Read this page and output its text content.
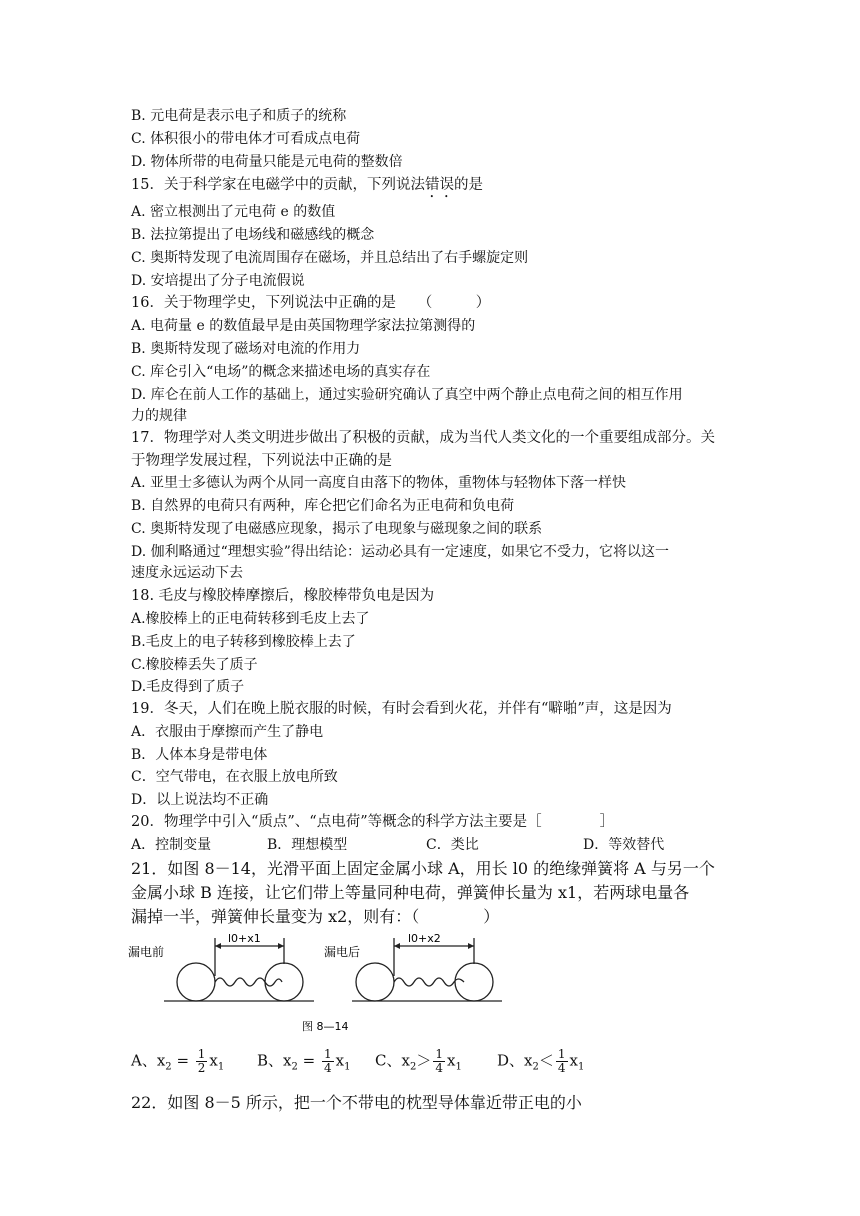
B. 元电荷是表示电子和质子的统称
C. 体积很小的带电体才可看成点电荷
D. 物体所带的电荷量只能是元电荷的整数倍
15．关于科学家在电磁学中的贡献，下列说法错误的是
A. 密立根测出了元电荷 e 的数值
B. 法拉第提出了电场线和磁感线的概念
C. 奥斯特发现了电流周围存在磁场，并且总结出了右手螺旋定则
D. 安培提出了分子电流假说
16．关于物理学史，下列说法中正确的是　　（　　　）
A. 电荷量 e 的数值最早是由英国物理学家法拉第测得的
B. 奥斯特发现了磁场对电流的作用力
C. 库仑引入“电场”的概念来描述电场的真实存在
D. 库仑在前人工作的基础上，通过实验研究确认了真空中两个静止点电荷之间的相互作用
力的规律
17．物理学对人类文明进步做出了积极的贡献，成为当代人类文化的一个重要组成部分。关
于物理学发展过程，下列说法中正确的是
A. 亚里士多德认为两个从同一高度自由落下的物体，重物体与轻物体下落一样快
B. 自然界的电荷只有两种，库仑把它们命名为正电荷和负电荷
C. 奥斯特发现了电磁感应现象，揭示了电现象与磁现象之间的联系
D. 伽利略通过“理想实验”得出结论：运动必具有一定速度，如果它不受力，它将以这一
速度永远运动下去
18. 毛皮与橡胶棒摩擦后，橡胶棒带负电是因为
A.橡胶棒上的正电荷转移到毛皮上去了
B.毛皮上的电子转移到橡胶棒上去了
C.橡胶棒丢失了质子
D.毛皮得到了质子
19．冬天，人们在晚上脱衣服的时候，有时会看到火花，并伴有“噼啪”声，这是因为
A．衣服由于摩擦而产生了静电
B．人体本身是带电体
C．空气带电，在衣服上放电所致
D．以上说法均不正确
20．物理学中引入“质点”、“点电荷”等概念的科学方法主要是［　　　　］
A．控制变量	B．理想模型	C．类比	D．等效替代
21．如图 8－14，光滑平面上固定金属小球 A，用长 l0 的绝缘弹簧将 A 与另一个
金属小球 B 连接，让它们带上等量同种电荷，弹簧伸长量为 x1，若两球电量各
漏掉一半，弹簧伸长量变为 x2，则有：（　　　　）
漏电前	漏电后
l0+x1	l0+x2
图 8—14
A、$x_2 = \frac{1}{2} x_1$ B、$x_2 = \frac{1}{4} x_1$ C、$x_2> \frac{1}{4} x_1$ D、$x_2< \frac{1}{4} x_1$
22．如图 8－5 所示，把一个不带电的枕型导体靠近带正电的小
